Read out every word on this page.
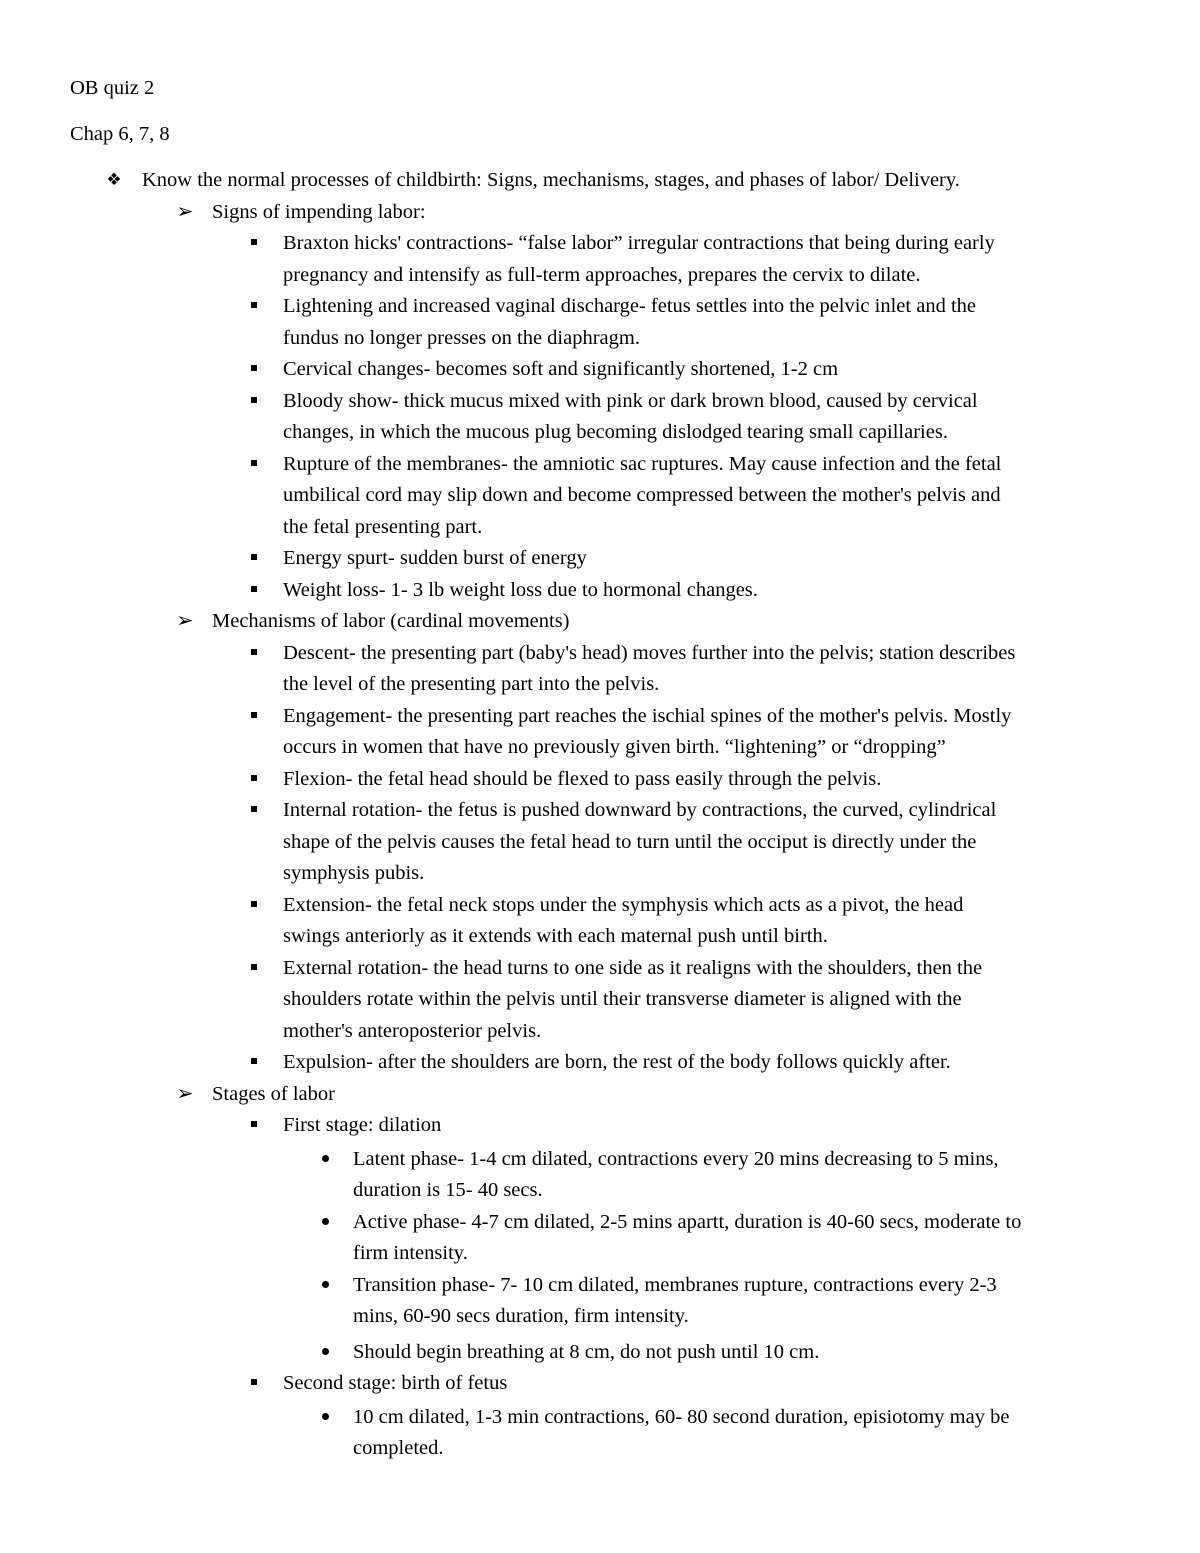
OB quiz 2
Chap 6, 7, 8
❖ Know the normal processes of childbirth: Signs, mechanisms, stages, and phases of labor/ Delivery.
➢ Signs of impending labor:
Braxton hicks' contractions- “false labor” irregular contractions that being during early
pregnancy and intensify as full-term approaches, prepares the cervix to dilate.
Lightening and increased vaginal discharge- fetus settles into the pelvic inlet and the
fundus no longer presses on the diaphragm.
Cervical changes- becomes soft and significantly shortened, 1-2 cm
Bloody show- thick mucus mixed with pink or dark brown blood, caused by cervical
changes, in which the mucous plug becoming dislodged tearing small capillaries.
Rupture of the membranes- the amniotic sac ruptures. May cause infection and the fetal
umbilical cord may slip down and become compressed between the mother's pelvis and
the fetal presenting part.
Energy spurt- sudden burst of energy
Weight loss- 1- 3 lb weight loss due to hormonal changes.
➢ Mechanisms of labor (cardinal movements)
Descent- the presenting part (baby's head) moves further into the pelvis; station describes
the level of the presenting part into the pelvis.
Engagement- the presenting part reaches the ischial spines of the mother's pelvis. Mostly
occurs in women that have no previously given birth. “lightening” or “dropping”
Flexion- the fetal head should be flexed to pass easily through the pelvis.
Internal rotation- the fetus is pushed downward by contractions, the curved, cylindrical
shape of the pelvis causes the fetal head to turn until the occiput is directly under the
symphysis pubis.
Extension- the fetal neck stops under the symphysis which acts as a pivot, the head
swings anteriorly as it extends with each maternal push until birth.
External rotation- the head turns to one side as it realigns with the shoulders, then the
shoulders rotate within the pelvis until their transverse diameter is aligned with the
mother's anteroposterior pelvis.
Expulsion- after the shoulders are born, the rest of the body follows quickly after.
➢ Stages of labor
First stage: dilation
Latent phase- 1-4 cm dilated, contractions every 20 mins decreasing to 5 mins,
duration is 15- 40 secs.
Active phase- 4-7 cm dilated, 2-5 mins apartt, duration is 40-60 secs, moderate to
firm intensity.
Transition phase- 7- 10 cm dilated, membranes rupture, contractions every 2-3
mins, 60-90 secs duration, firm intensity.
Should begin breathing at 8 cm, do not push until 10 cm.
Second stage: birth of fetus
10 cm dilated, 1-3 min contractions, 60- 80 second duration, episiotomy may be
completed.
